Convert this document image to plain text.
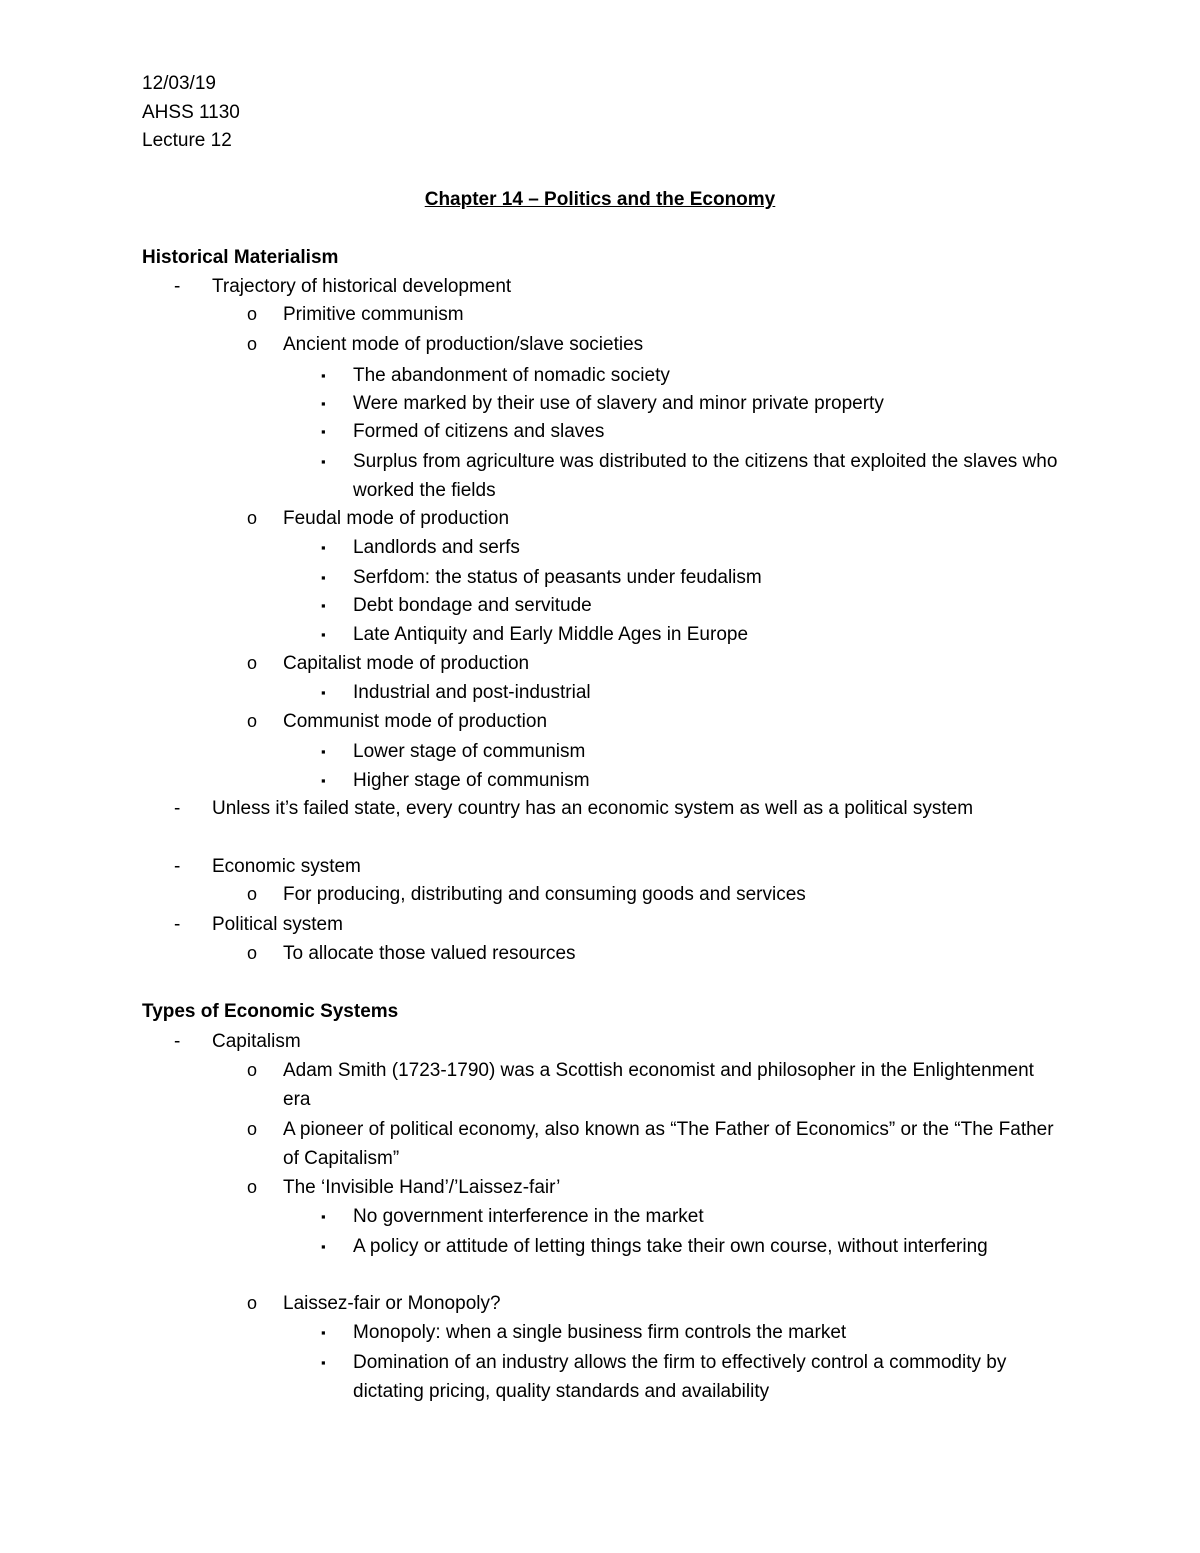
12/03/19
AHSS 1130
Lecture 12
Chapter 14 – Politics and the Economy
Historical Materialism
-	Trajectory of historical development
o Primitive communism
o Ancient mode of production/slave societies
▪ The abandonment of nomadic society
▪ Were marked by their use of slavery and minor private property
▪ Formed of citizens and slaves
▪ Surplus from agriculture was distributed to the citizens that exploited the slaves who worked the fields
o Feudal mode of production
▪ Landlords and serfs
▪ Serfdom: the status of peasants under feudalism
▪ Debt bondage and servitude
▪ Late Antiquity and Early Middle Ages in Europe
o Capitalist mode of production
▪ Industrial and post-industrial
o Communist mode of production
▪ Lower stage of communism
▪ Higher stage of communism
-	Unless it’s failed state, every country has an economic system as well as a political system
-	Economic system
o For producing, distributing and consuming goods and services
-	Political system
o To allocate those valued resources
Types of Economic Systems
-	Capitalism
o Adam Smith (1723-1790) was a Scottish economist and philosopher in the Enlightenment era
o A pioneer of political economy, also known as “The Father of Economics” or the “The Father of Capitalism”
o The ‘Invisible Hand’/’Laissez-fair’
▪ No government interference in the market
▪ A policy or attitude of letting things take their own course, without interfering
o Laissez-fair or Monopoly?
▪ Monopoly: when a single business firm controls the market
▪ Domination of an industry allows the firm to effectively control a commodity by dictating pricing, quality standards and availability
